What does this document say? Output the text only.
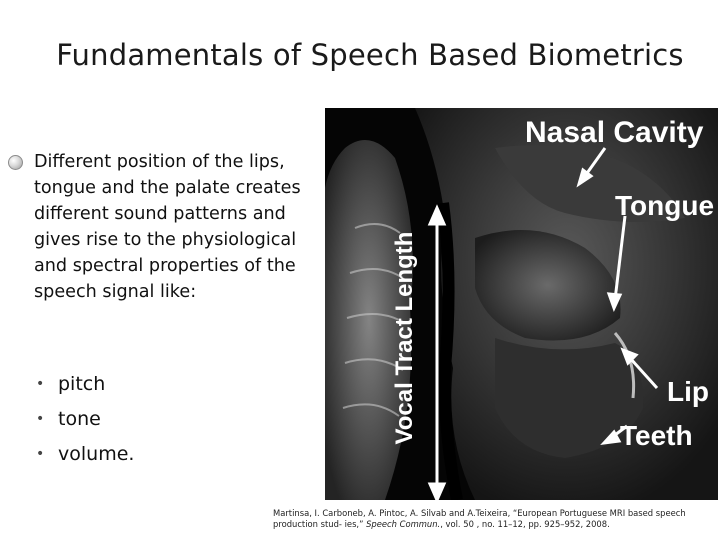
Fundamentals of Speech Based Biometrics
Different position of the lips, tongue and the palate creates different sound patterns and gives rise to the physiological and spectral properties of the speech signal like:
• pitch
• tone
• volume.
Nasal Cavity
Tongue
Lip
Teeth
Vocal Tract Length
Martinsa, I. Carboneb, A. Pintoc, A. Silvab and A.Teixeira, “European Portuguese MRI based speech production stud- ies,” Speech Commun., vol. 50 , no. 11–12, pp. 925–952, 2008.
